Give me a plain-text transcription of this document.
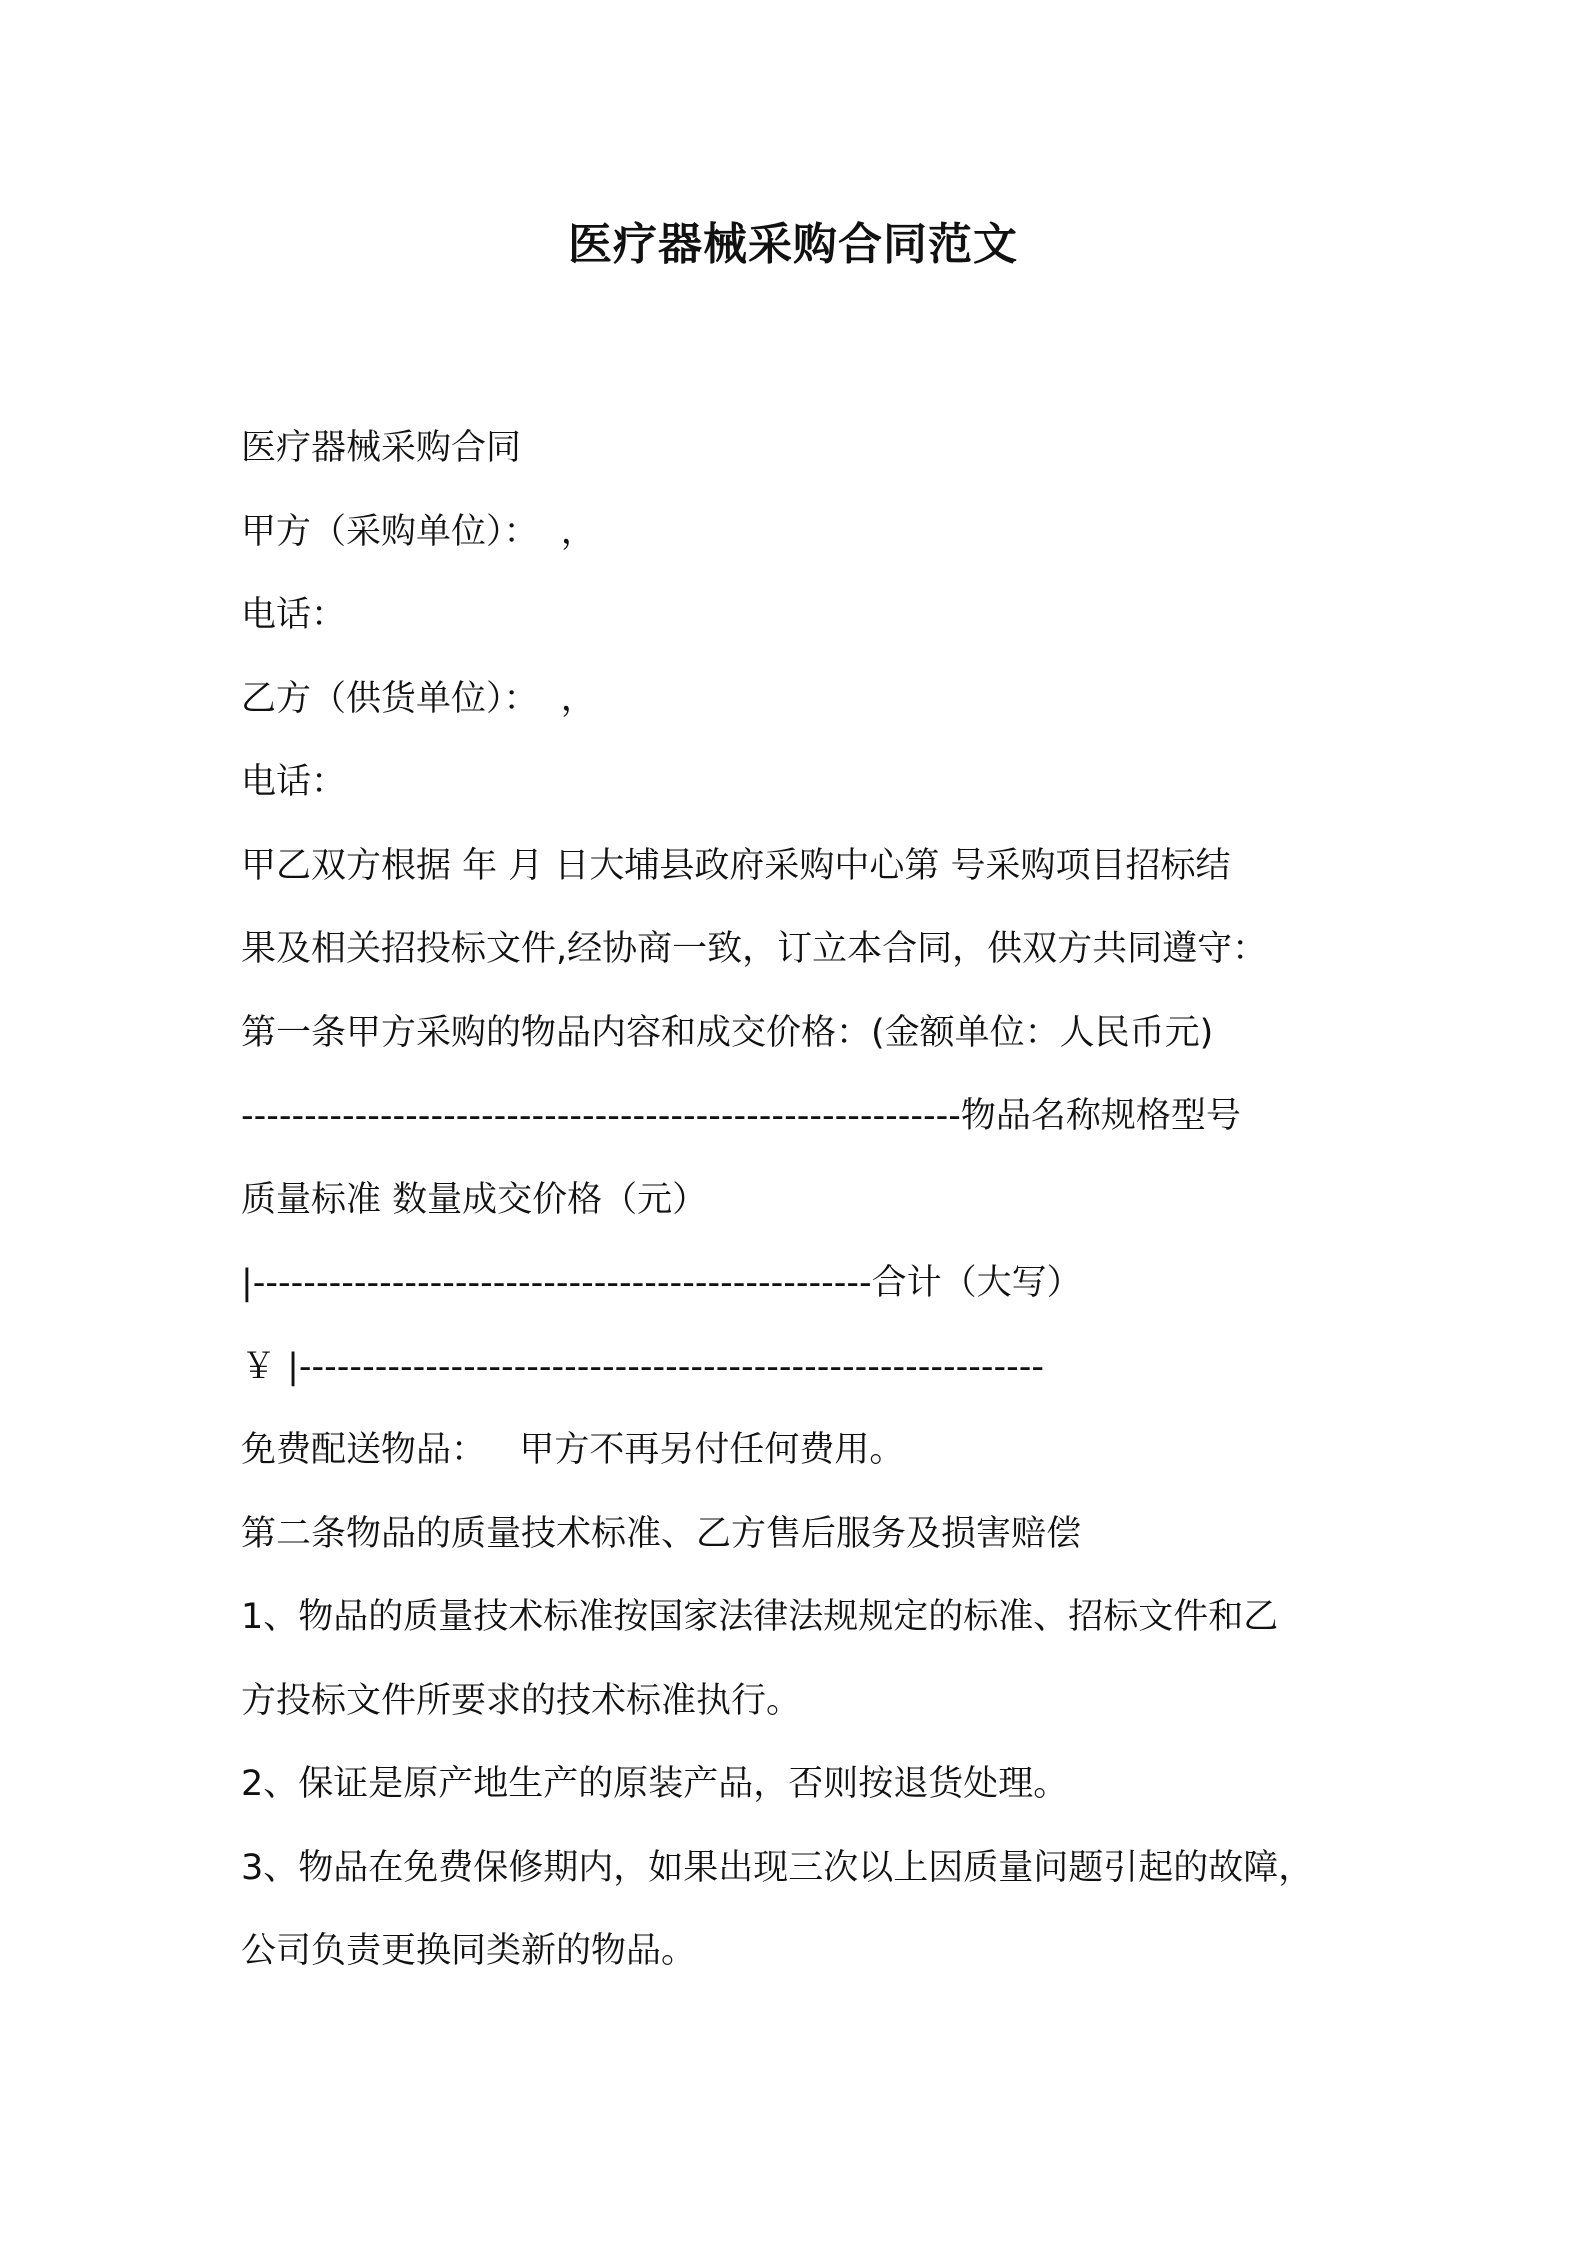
医疗器械采购合同范文
医疗器械采购合同
甲方（采购单位）：  ，
电话：
乙方（供货单位）：  ，
电话：
甲乙双方根据 年 月 日大埔县政府采购中心第 号采购项目招标结
果及相关招投标文件,经协商一致，订立本合同，供双方共同遵守：
第一条甲方采购的物品内容和成交价格：(金额单位：人民币元)
---------------------------------------------------------物品名称规格型号
质量标准 数量成交价格（元）
|-------------------------------------------------合计（大写）
￥ |-----------------------------------------------------------
免费配送物品：   甲方不再另付任何费用。
第二条物品的质量技术标准、乙方售后服务及损害赔偿
1、物品的质量技术标准按国家法律法规规定的标准、招标文件和乙
方投标文件所要求的技术标准执行。
2、保证是原产地生产的原装产品，否则按退货处理。
3、物品在免费保修期内，如果出现三次以上因质量问题引起的故障，
公司负责更换同类新的物品。
